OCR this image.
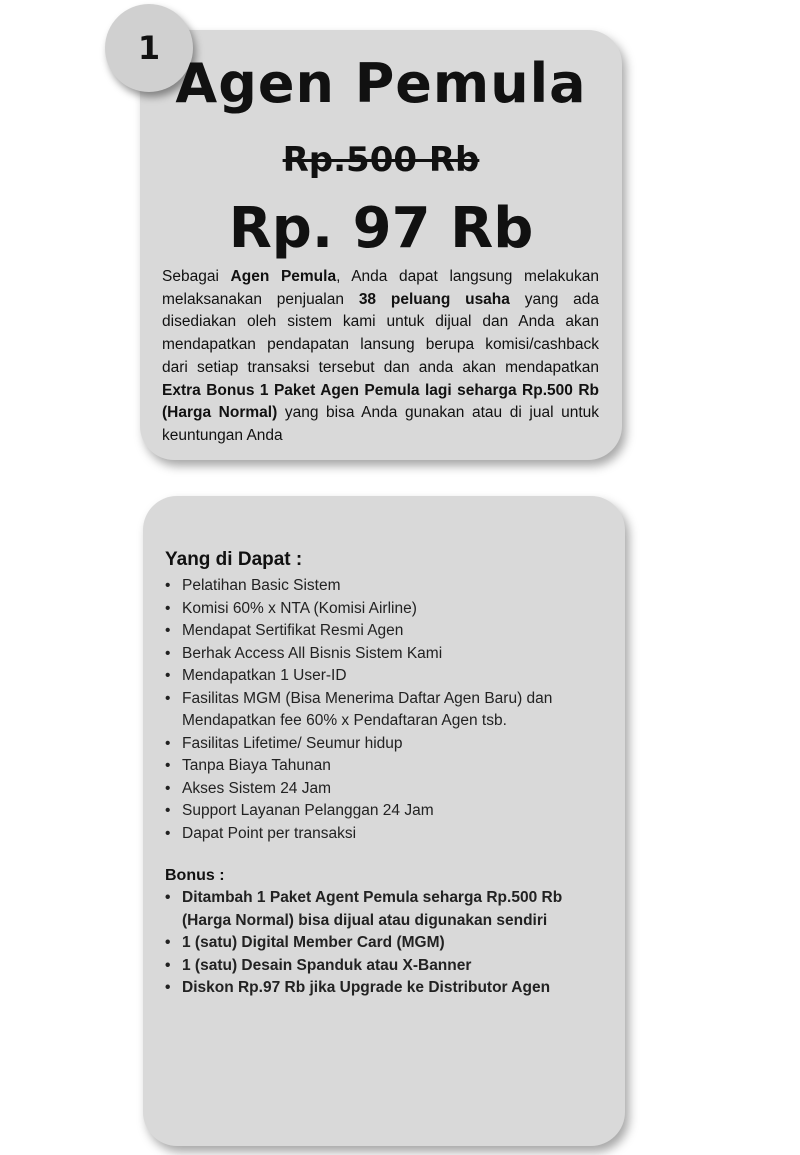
1
Agen Pemula
Rp.500 Rb
Rp. 97 Rb
Sebagai Agen Pemula, Anda dapat langsung melakukan melaksanakan penjualan 38 peluang usaha yang ada disediakan oleh sistem kami untuk dijual dan Anda akan mendapatkan pendapatan lansung berupa komisi/cashback dari setiap transaksi tersebut dan anda akan mendapatkan Extra Bonus 1 Paket Agen Pemula lagi seharga Rp.500 Rb (Harga Normal) yang bisa Anda gunakan atau di jual untuk keuntungan Anda
Yang di Dapat :
• Pelatihan Basic Sistem
• Komisi 60% x NTA (Komisi Airline)
• Mendapat Sertifikat Resmi Agen
• Berhak Access All Bisnis Sistem Kami
• Mendapatkan 1 User-ID
• Fasilitas MGM (Bisa Menerima Daftar Agen Baru) dan Mendapatkan fee 60% x Pendaftaran Agen tsb.
• Fasilitas Lifetime/ Seumur hidup
• Tanpa Biaya Tahunan
• Akses Sistem 24 Jam
• Support Layanan Pelanggan 24 Jam
• Dapat Point per transaksi
Bonus :
• Ditambah 1 Paket Agent Pemula seharga Rp.500 Rb (Harga Normal) bisa dijual atau digunakan sendiri
• 1 (satu) Digital Member Card (MGM)
• 1 (satu) Desain Spanduk atau X-Banner
• Diskon Rp.97 Rb jika Upgrade ke Distributor Agen
